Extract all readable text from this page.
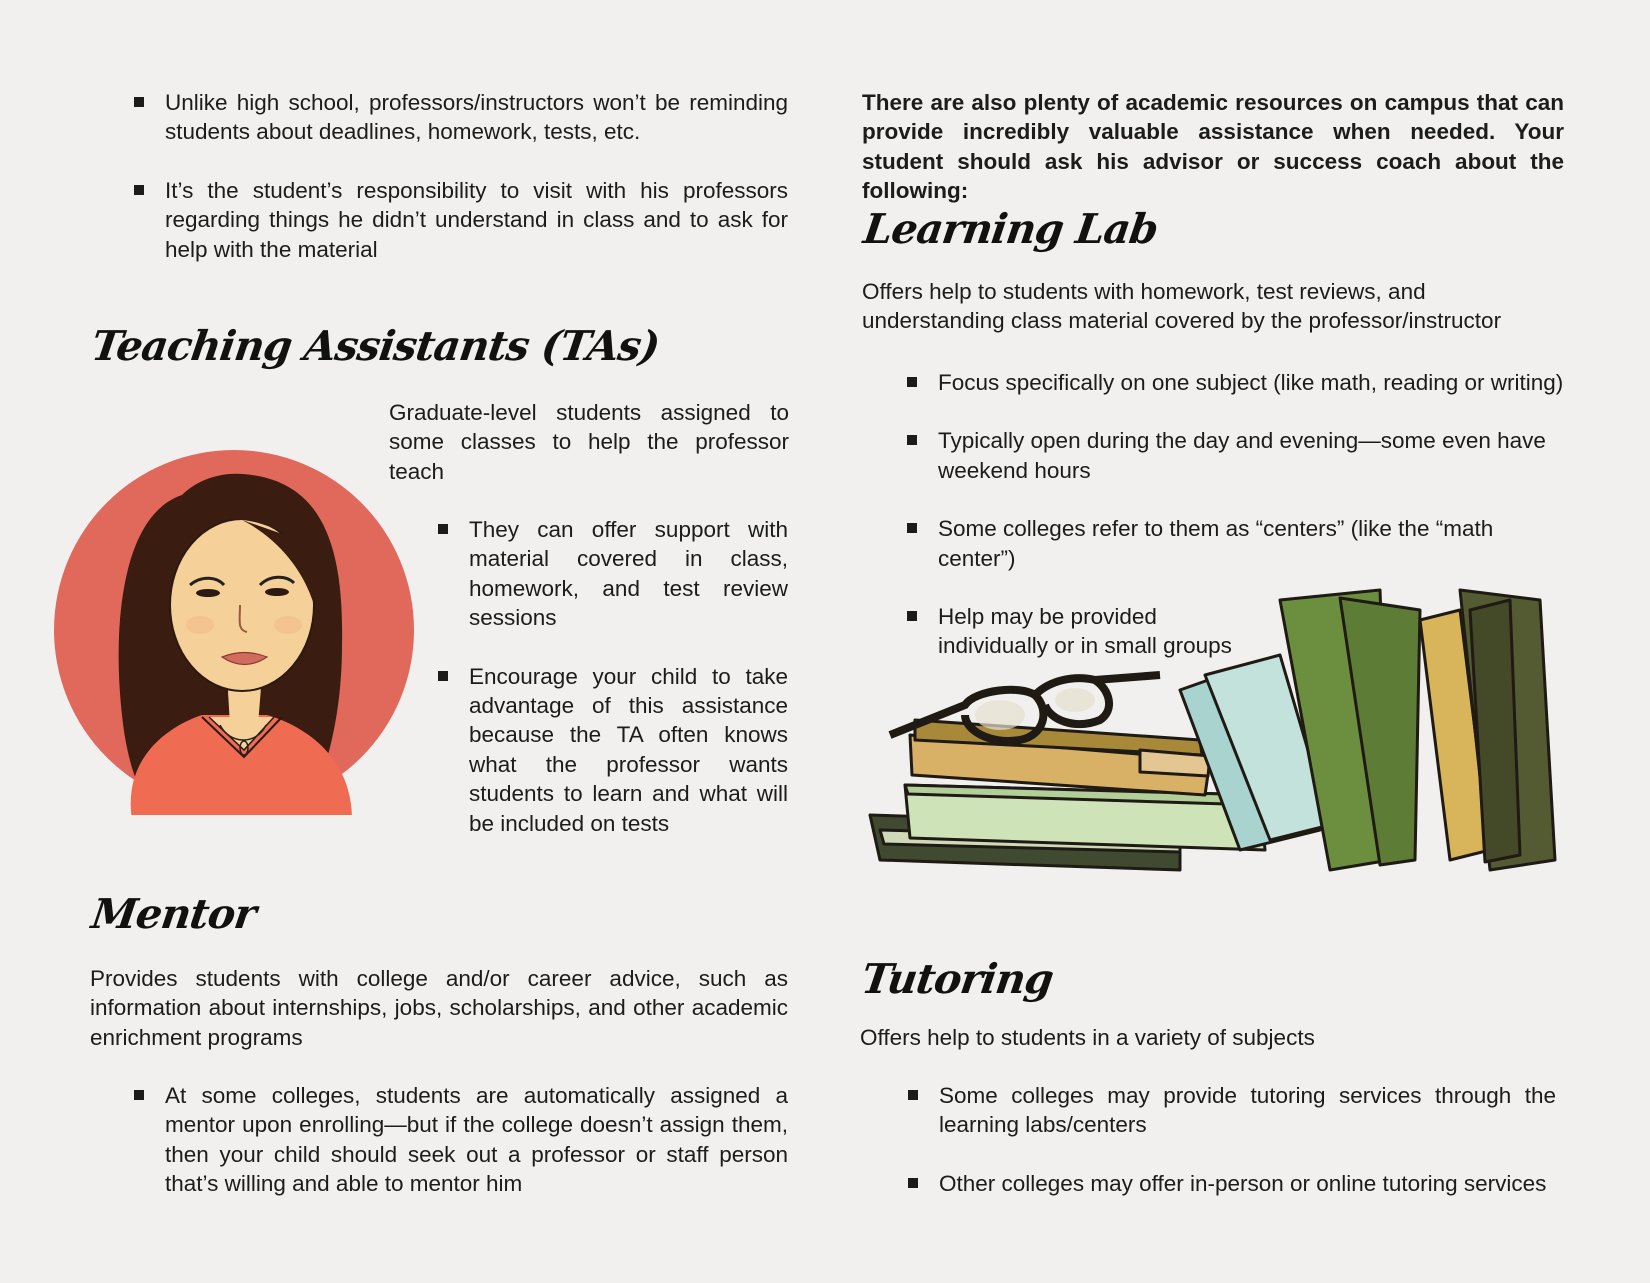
Unlike high school, professors/instructors won’t be reminding students about deadlines, homework, tests, etc.
It’s the student’s responsibility to visit with his professors regarding things he didn’t understand in class and to ask for help with the material
Teaching Assistants (TAs)
Graduate-level students assigned to some classes to help the professor teach
They can offer support with material covered in class, homework, and test review sessions
Encourage your child to take advantage of this assistance because the TA often knows what the professor wants students to learn and what will be included on tests
Mentor
Provides students with college and/or career advice, such as information about internships, jobs, scholarships, and other academic enrichment programs
At some colleges, students are automatically assigned a mentor upon enrolling—but if the college doesn’t assign them, then your child should seek out a professor or staff person that’s willing and able to mentor him
There are also plenty of academic resources on campus that can provide incredibly valuable assistance when needed. Your student should ask his advisor or success coach about the following:
Learning Lab
Offers help to students with homework, test reviews, and understanding class material covered by the professor/instructor
Focus specifically on one subject (like math, reading or writing)
Typically open during the day and evening—some even have weekend hours
Some colleges refer to them as “centers” (like the “math center”)
Help may be provided individually or in small groups
Tutoring
Offers help to students in a variety of subjects
Some colleges may provide tutoring services through the learning labs/centers
Other colleges may offer in-person or online tutoring services
